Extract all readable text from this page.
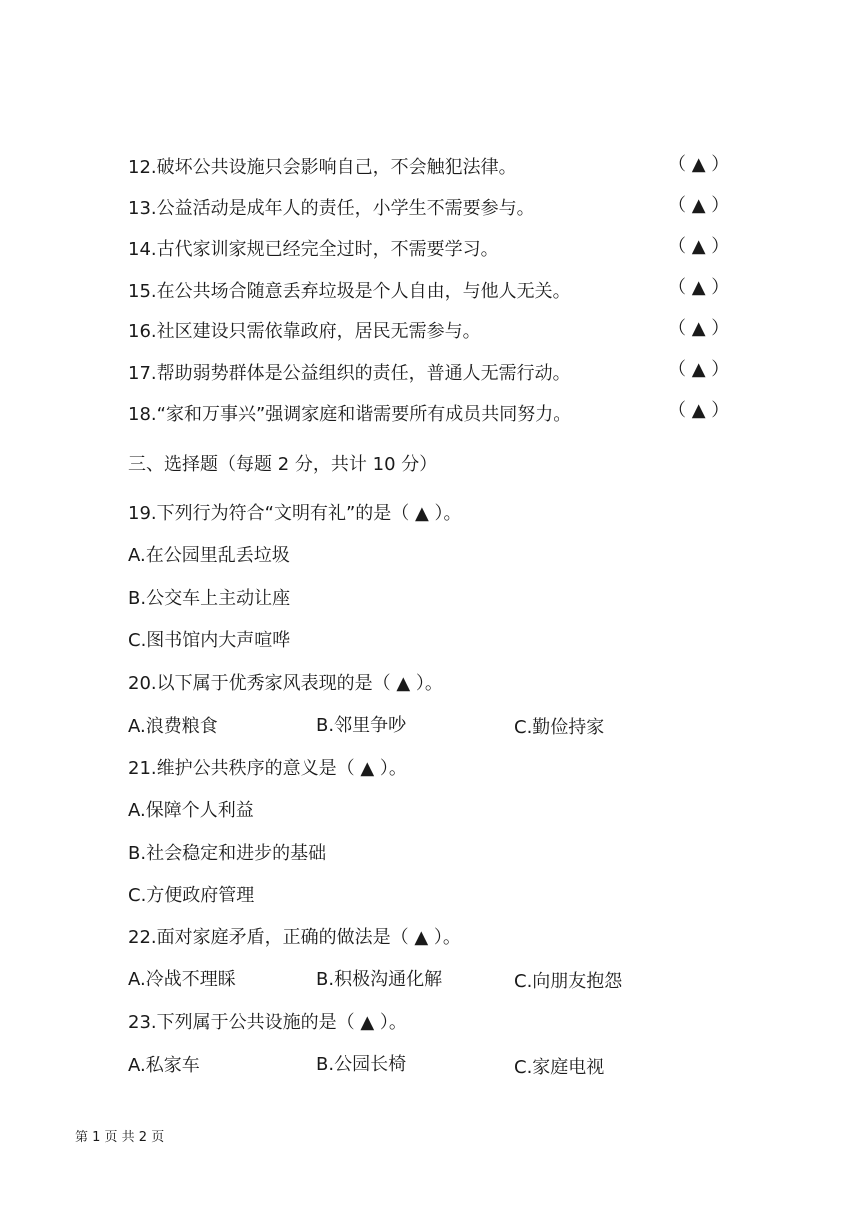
12.破坏公共设施只会影响自己，不会触犯法律。	（ ▲ ）
13.公益活动是成年人的责任，小学生不需要参与。	（ ▲ ）
14.古代家训家规已经完全过时，不需要学习。	（ ▲ ）
15.在公共场合随意丢弃垃圾是个人自由，与他人无关。	（ ▲ ）
16.社区建设只需依靠政府，居民无需参与。	（ ▲ ）
17.帮助弱势群体是公益组织的责任，普通人无需行动。	（ ▲ ）
18.“家和万事兴”强调家庭和谐需要所有成员共同努力。	（ ▲ ）
三、选择题（每题 2 分，共计 10 分）
19.下列行为符合“文明有礼”的是（ ▲ ）。
A.在公园里乱丢垃圾
B.公交车上主动让座
C.图书馆内大声喧哗
20.以下属于优秀家风表现的是（ ▲ ）。
A.浪费粮食	B.邻里争吵	C.勤俭持家
21.维护公共秩序的意义是（ ▲ ）。
A.保障个人利益
B.社会稳定和进步的基础
C.方便政府管理
22.面对家庭矛盾，正确的做法是（ ▲ ）。
A.冷战不理睬	B.积极沟通化解	C.向朋友抱怨
23.下列属于公共设施的是（ ▲ ）。
A.私家车	B.公园长椅	C.家庭电视
第 1 页 共 2 页
